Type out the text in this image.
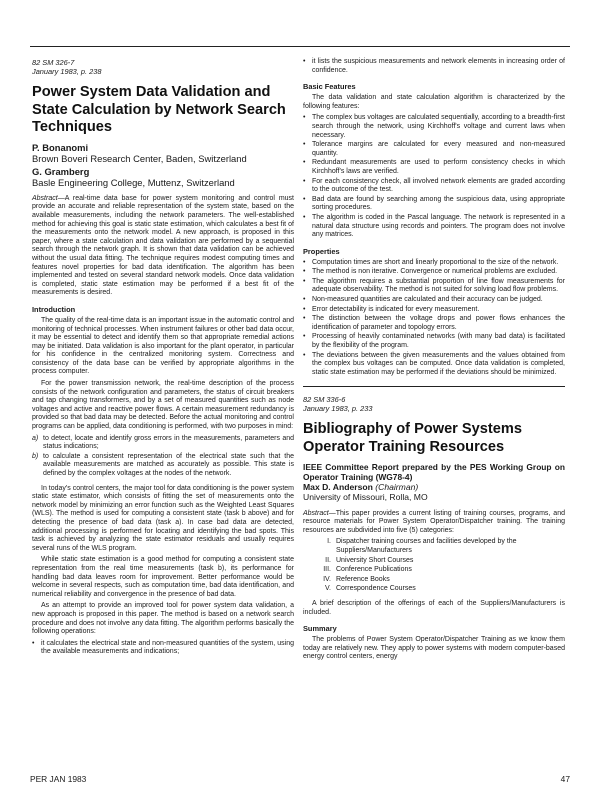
82 SM 326-7

January 1983, p. 238

Power System Data Validation and State Calculation by Network Search Techniques

P. Bonanomi

Brown Boveri Research Center, Baden, Switzerland

G. Gramberg

Basle Engineering College, Muttenz, Switzerland

Abstract—A real-time data base for power system monitoring and control must provide an accurate and reliable representation of the system state, based on the available measurements, including the network parameters. The well-established method for achieving this goal is static state estimation, which calculates a best fit of the measurements onto the network model. A new approach, is proposed in this paper, where a state calculation and data validation are performed by a sequential search through the network graph. It is shown that data validation can be achieved without the usual data fitting. The technique requires modest computing times and features novel properties for bad data identification. The algorithm has been implemented and tested on several standard network models. Once data validation is completed, static state estimation may be performed if a best fit of the measurements is desired.

Introduction

The quality of the real-time data is an important issue in the automatic control and monitoring of technical processes. When instrument failures or other bad data occur, it may be essential to detect and identify them so that appropriate remedial actions may be initiated. Data validation is also important for the plant operator, in particular for his confidence in the centralized monitoring system. Correctness and consistency of the data base can be verified by appropriate algorithms in the process computer.

For the power transmission network, the real-time description of the process consists of the network configuration and parameters, the status of circuit breakers and tap changing transformers, and by a set of measured quantities such as node voltages and active and reactive power flows. A certain measurement redundancy is provided so that bad data may be detected. Before the actual monitoring and control programs can be applied, data conditioning is performed, with two purposes in mind:

a) to detect, locate and identify gross errors in the measurements, parameters and status indications;
b) to calculate a consistent representation of the electrical state such that the available measurements are matched as accurately as possible. This state is defined by the complex voltages at the nodes of the network.

In today's control centers, the major tool for data conditioning is the power system static state estimator, which consists of fitting the set of measurements onto the network model by minimizing an error function such as the Weighted Least Squares (WLS). The method is used for computing a consistent state (task b above) and for detecting the presence of bad data (task a). In case bad data are detected, additional processing is performed for locating and identifying the bad spots. This task is achieved by analyzing the state estimator residuals and usually requires several runs of the WLS program.

While static state estimation is a good method for computing a consistent state representation from the real time measurements (task b), its performance for handling bad data leaves room for improvement. Better performance would be welcome in several respects, such as computation time, bad data identification, and numerical reliability and convergence in the presence of bad data.

As an attempt to provide an improved tool for power system data validation, a new approach is proposed in this paper. The method is based on a network search procedure and does not involve any data fitting. The algorithm performs basically the following operations:

• it calculates the electrical state and non-measured quantities of the system, using the available measurements and indications;
• it lists the suspicious measurements and network elements in increasing order of confidence.
Basic Features

The data validation and state calculation algorithm is characterized by the following features:

• The complex bus voltages are calculated sequentially, according to a breadth-first search through the network, using Kirchhoff's voltage and current laws when necessary.
• Tolerance margins are calculated for every measured and non-measured quantity.
• Redundant measurements are used to perform consistency checks in which Kirchhoff's laws are verified.
• For each consistency check, all involved network elements are graded according to the outcome of the test.
• Bad data are found by searching among the suspicious data, using appropriate sorting procedures.
• The algorithm is coded in the Pascal language. The network is represented in a natural data structure using records and pointers. The program does not involve any matrices.
Properties
• Computation times are short and linearly proportional to the size of the network.
• The method is non iterative. Convergence or numerical problems are excluded.
• The algorithm requires a substantial proportion of line flow measurements for adequate observability. The method is not suited for solving load flow problems.
• Non-measured quantities are calculated and their accuracy can be judged.
• Error detectability is indicated for every measurement.
• The distinction between the voltage drops and power flows enhances the identification of parameter and topology errors.
• Processing of heavily contaminated networks (with many bad data) is facilitated by the flexibility of the program.
• The deviations between the given measurements and the values obtained from the complex bus voltages can be computed. Once data validation is completed, static state estimation may be performed if the deviations should be minimized.

82 SM 336-6

January 1983, p. 233

Bibliography of Power Systems Operator Training Resources

IEEE Committee Report prepared by the PES Working Group on Operator Training (WG78-4)

Max D. Anderson (Chairman)

University of Missouri, Rolla, MO

Abstract—This paper provides a current listing of training courses, programs, and resource materials for Power System Operator/Dispatcher training. The training resources are subdivided into five (5) categories:

I. Dispatcher training courses and facilities developed by the Suppliers/Manufacturers
II. University Short Courses
III. Conference Publications
IV. Reference Books
V. Correspondence Courses

A brief description of the offerings of each of the Suppliers/Manufacturers is included.

Summary

The problems of Power System Operator/Dispatcher Training as we know them today are relatively new. They apply to power systems with modern computer-based energy control centers, energy

PER JAN 1983	47
